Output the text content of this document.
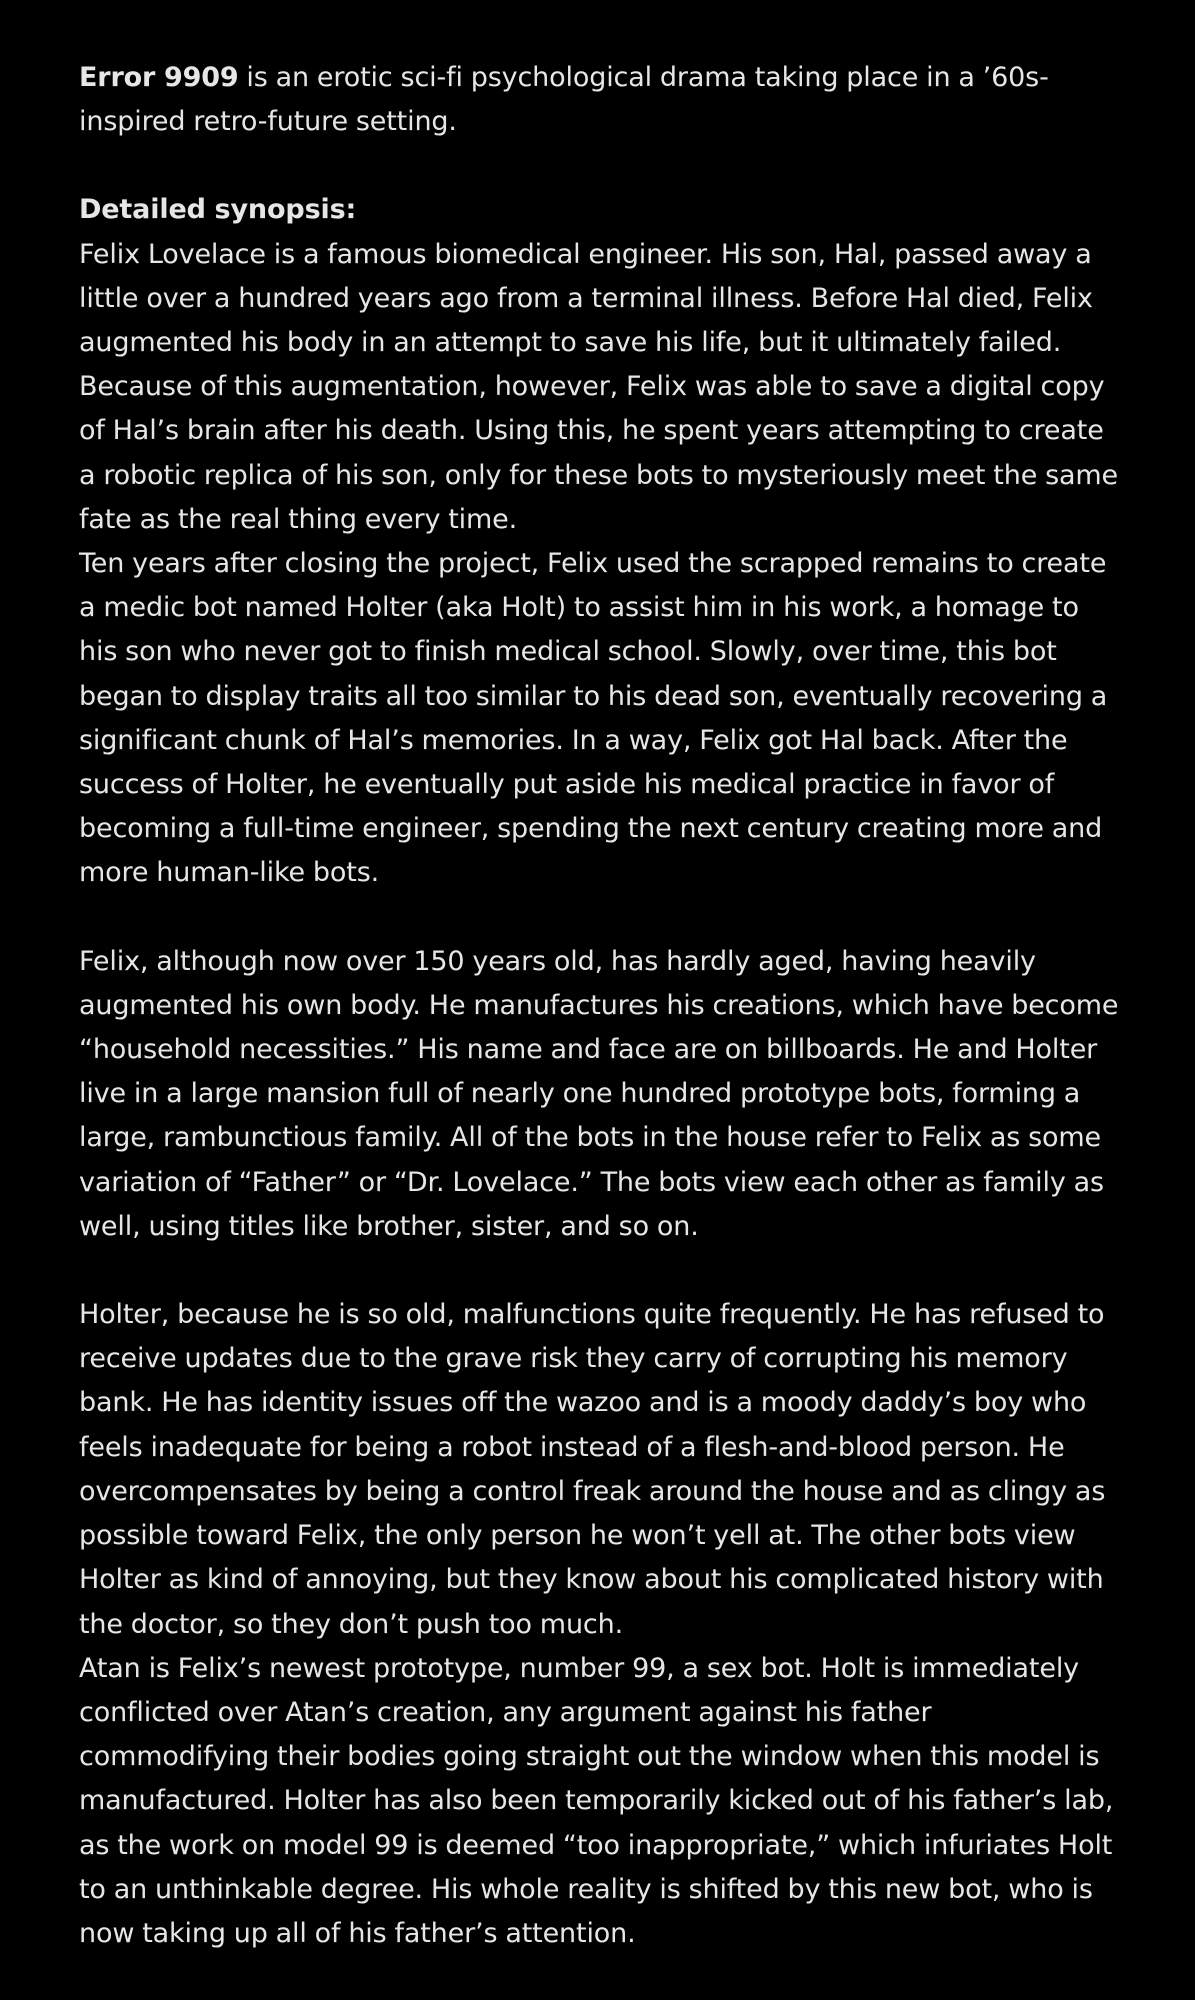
Error 9909 is an erotic sci-fi psychological drama taking place in a ’60s-inspired retro-future setting.

Detailed synopsis:

Felix Lovelace is a famous biomedical engineer. His son, Hal, passed away a little over a hundred years ago from a terminal illness. Before Hal died, Felix augmented his body in an attempt to save his life, but it ultimately failed. Because of this augmentation, however, Felix was able to save a digital copy of Hal’s brain after his death. Using this, he spent years attempting to create a robotic replica of his son, only for these bots to mysteriously meet the same fate as the real thing every time.

Ten years after closing the project, Felix used the scrapped remains to create a medic bot named Holter (aka Holt) to assist him in his work, a homage to his son who never got to finish medical school. Slowly, over time, this bot began to display traits all too similar to his dead son, eventually recovering a significant chunk of Hal’s memories. In a way, Felix got Hal back. After the success of Holter, he eventually put aside his medical practice in favor of becoming a full-time engineer, spending the next century creating more and more human-like bots.

Felix, although now over 150 years old, has hardly aged, having heavily augmented his own body. He manufactures his creations, which have become “household necessities.” His name and face are on billboards. He and Holter live in a large mansion full of nearly one hundred prototype bots, forming a large, rambunctious family. All of the bots in the house refer to Felix as some variation of “Father” or “Dr. Lovelace.” The bots view each other as family as well, using titles like brother, sister, and so on.

Holter, because he is so old, malfunctions quite frequently. He has refused to receive updates due to the grave risk they carry of corrupting his memory bank. He has identity issues off the wazoo and is a moody daddy’s boy who feels inadequate for being a robot instead of a flesh-and-blood person. He overcompensates by being a control freak around the house and as clingy as possible toward Felix, the only person he won’t yell at. The other bots view Holter as kind of annoying, but they know about his complicated history with the doctor, so they don’t push too much.

Atan is Felix’s newest prototype, number 99, a sex bot. Holt is immediately conflicted over Atan’s creation, any argument against his father commodifying their bodies going straight out the window when this model is manufactured. Holter has also been temporarily kicked out of his father’s lab, as the work on model 99 is deemed “too inappropriate,” which infuriates Holt to an unthinkable degree. His whole reality is shifted by this new bot, who is now taking up all of his father’s attention.
